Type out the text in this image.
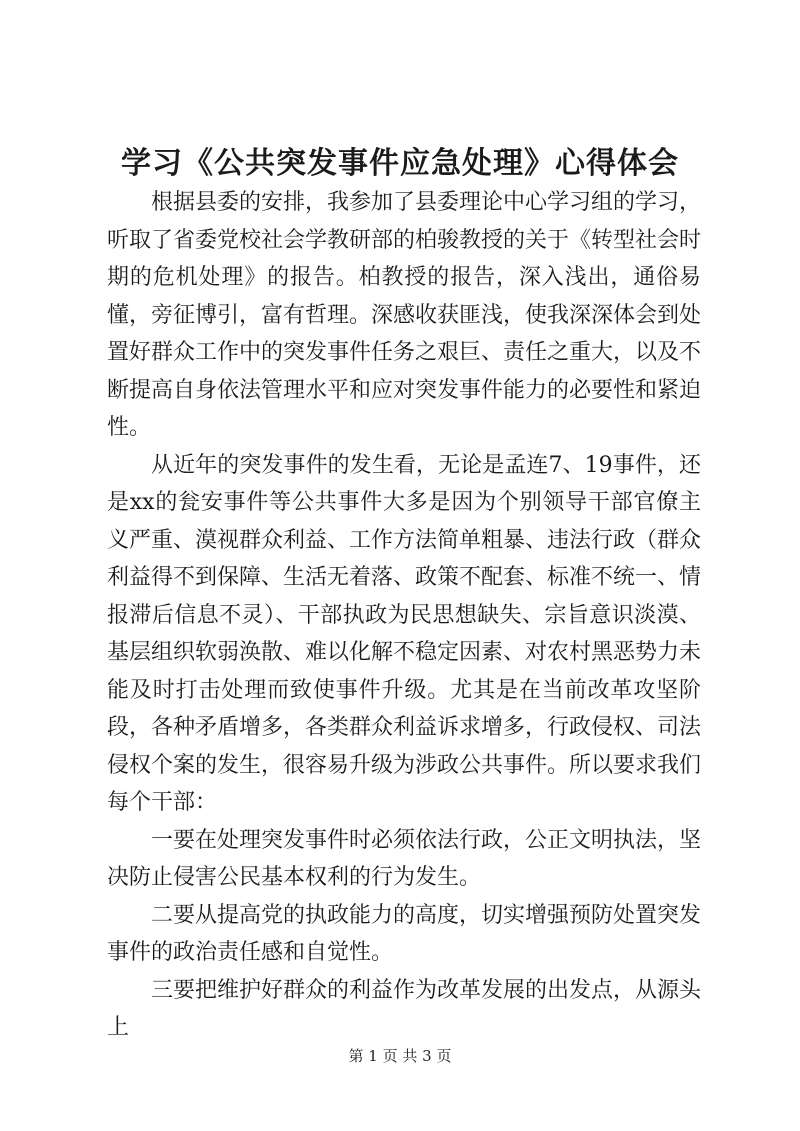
学习《公共突发事件应急处理》心得体会

根据县委的安排，我参加了县委理论中心学习组的学习，听取了省委党校社会学教研部的柏骏教授的关于《转型社会时期的危机处理》的报告。柏教授的报告，深入浅出，通俗易懂，旁征博引，富有哲理。深感收获匪浅，使我深深体会到处置好群众工作中的突发事件任务之艰巨、责任之重大，以及不断提高自身依法管理水平和应对突发事件能力的必要性和紧迫性。

从近年的突发事件的发生看，无论是孟连7、19事件，还是xx的瓮安事件等公共事件大多是因为个别领导干部官僚主义严重、漠视群众利益、工作方法简单粗暴、违法行政（群众利益得不到保障、生活无着落、政策不配套、标准不统一、情报滞后信息不灵）、干部执政为民思想缺失、宗旨意识淡漠、基层组织软弱涣散、难以化解不稳定因素、对农村黑恶势力未能及时打击处理而致使事件升级。尤其是在当前改革攻坚阶段，各种矛盾增多，各类群众利益诉求增多，行政侵权、司法侵权个案的发生，很容易升级为涉政公共事件。所以要求我们每个干部：

一要在处理突发事件时必须依法行政，公正文明执法，坚决防止侵害公民基本权利的行为发生。

二要从提高党的执政能力的高度，切实增强预防处置突发事件的政治责任感和自觉性。

三要把维护好群众的利益作为改革发展的出发点，从源头上

第 1 页 共 3 页
